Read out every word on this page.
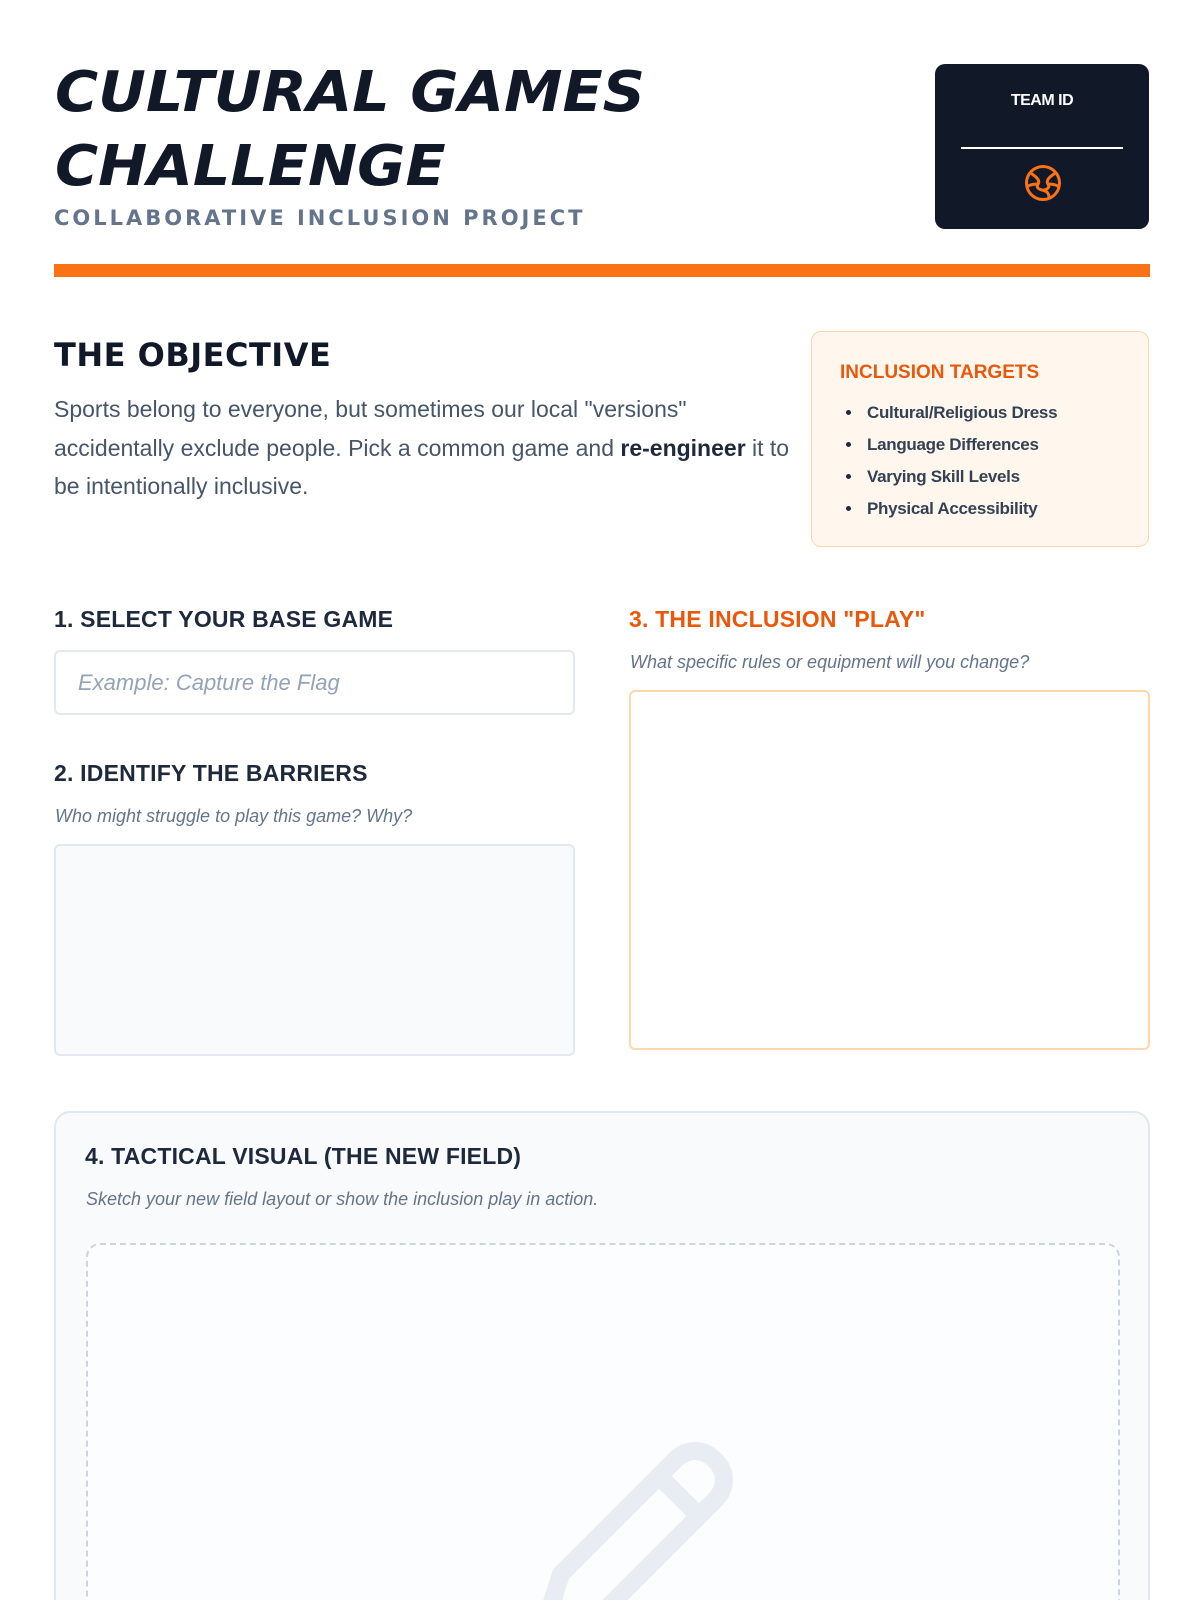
CULTURAL GAMES
CHALLENGE
COLLABORATIVE INCLUSION PROJECT
TEAM ID
THE OBJECTIVE

Sports belong to everyone, but sometimes our local "versions" accidentally exclude people. Pick a common game and re-engineer it to be intentionally inclusive.

INCLUSION TARGETS
Cultural/Religious Dress
Language Differences
Varying Skill Levels
Physical Accessibility
1. SELECT YOUR BASE GAME
Example: Capture the Flag
2. IDENTIFY THE BARRIERS

Who might struggle to play this game? Why?

3. THE INCLUSION "PLAY"

What specific rules or equipment will you change?

4. TACTICAL VISUAL (THE NEW FIELD)

Sketch your new field layout or show the inclusion play in action.
